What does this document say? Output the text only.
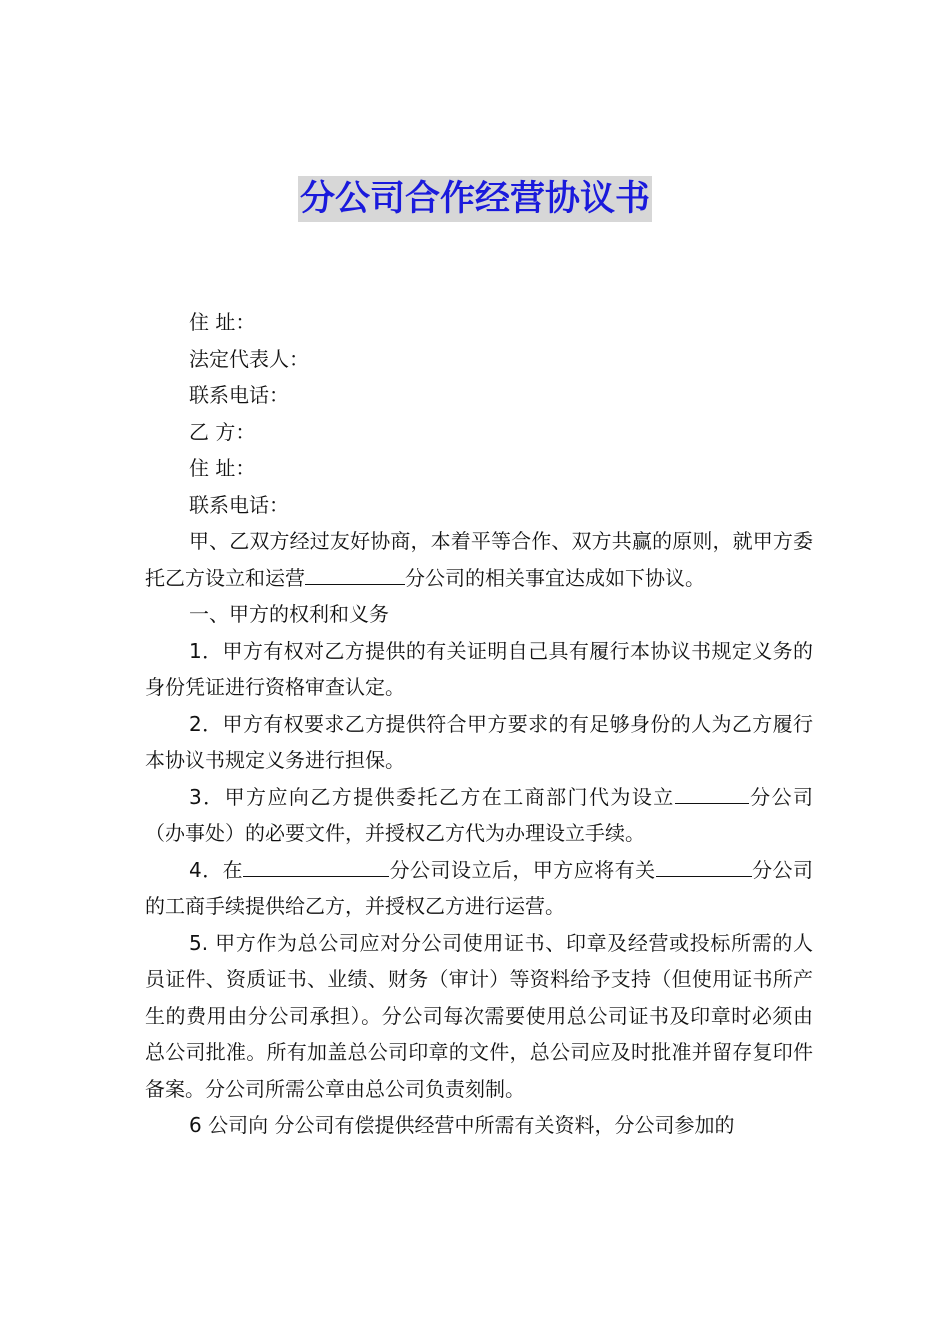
分公司合作经营协议书

住 址：

法定代表人：

联系电话：

乙 方：

住 址：

联系电话：

甲、乙双方经过友好协商，本着平等合作、双方共赢的原则，就甲方委托乙方设立和运营	分公司的相关事宜达成如下协议。

一、甲方的权利和义务

1．甲方有权对乙方提供的有关证明自己具有履行本协议书规定义务的身份凭证进行资格审查认定。

2．甲方有权要求乙方提供符合甲方要求的有足够身份的人为乙方履行本协议书规定义务进行担保。

3．甲方应向乙方提供委托乙方在工商部门代为设立	分公司（办事处）的必要文件，并授权乙方代为办理设立手续。

4．在	分公司设立后，甲方应将有关	分公司的工商手续提供给乙方，并授权乙方进行运营。

5. 甲方作为总公司应对分公司使用证书、印章及经营或投标所需的人员证件、资质证书、业绩、财务（审计）等资料给予支持（但使用证书所产生的费用由分公司承担）。分公司每次需要使用总公司证书及印章时必须由总公司批准。所有加盖总公司印章的文件，总公司应及时批准并留存复印件备案。分公司所需公章由总公司负责刻制。

6 公司向 分公司有偿提供经营中所需有关资料，分公司参加的
